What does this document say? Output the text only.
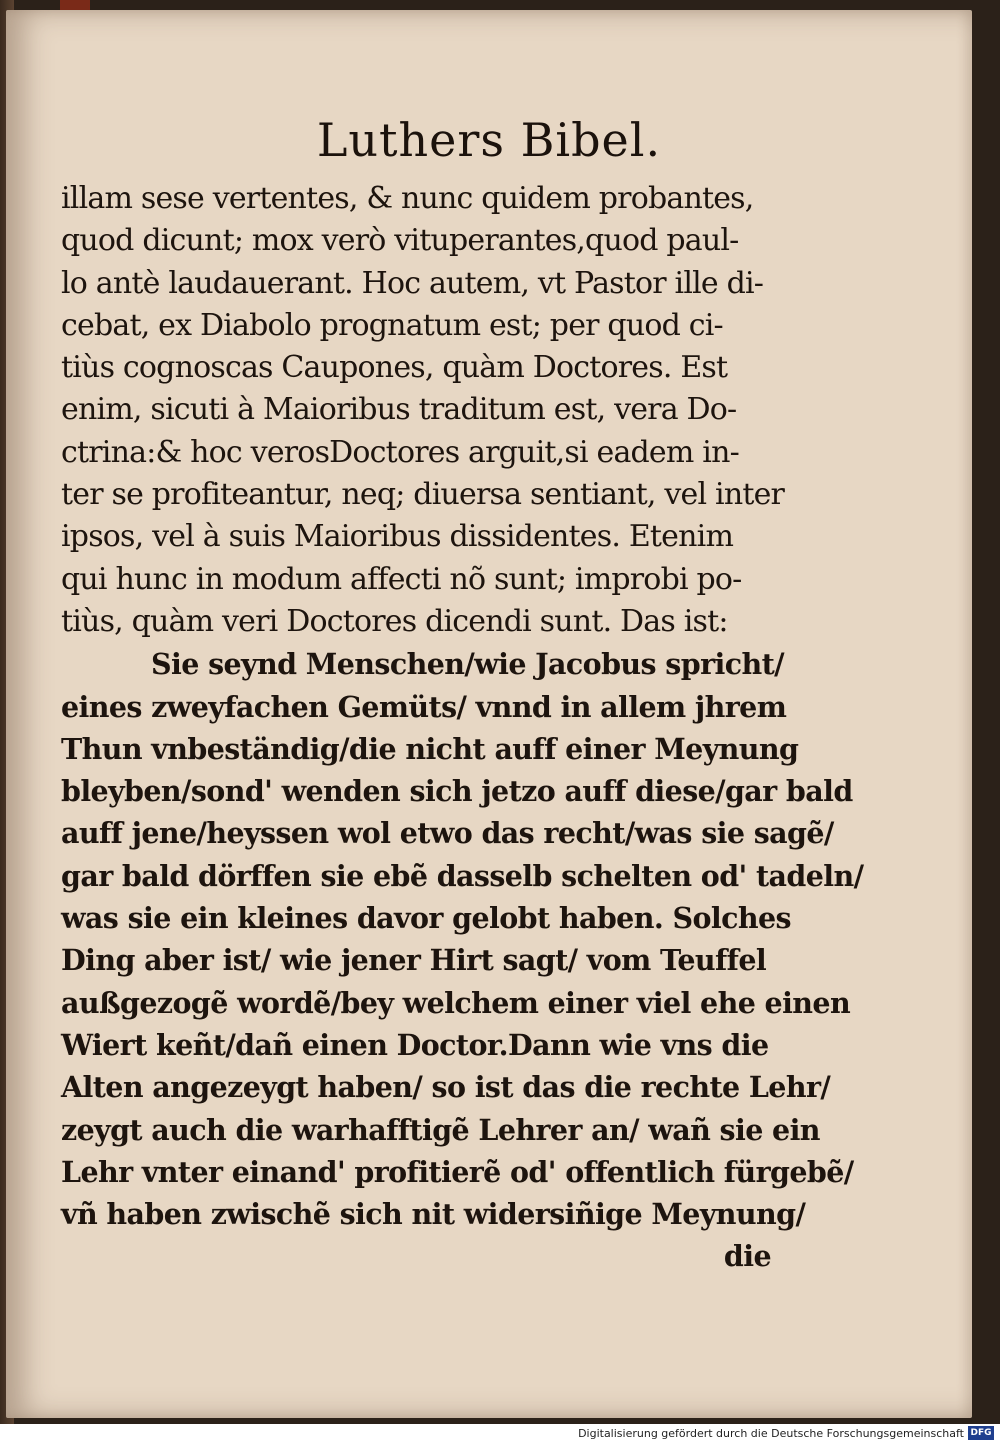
Luthers Bibel.
illam sese vertentes, & nunc quidem probantes,
quod dicunt; mox verò vituperantes,quod paul-
lo antè laudauerant. Hoc autem, vt Pastor ille di-
cebat, ex Diabolo prognatum est; per quod ci-
tiùs cognoscas Caupones, quàm Doctores. Est
enim, sicuti à Maioribus traditum est, vera Do-
ctrina:& hoc verosDoctores arguit,si eadem in-
ter se profiteantur, neq; diuersa sentiant, vel inter
ipsos, vel à suis Maioribus dissidentes. Etenim
qui hunc in modum affecti nõ sunt; improbi po-
tiùs, quàm veri Doctores dicendi sunt. Das ist:
Sie seynd Menschen/wie Jacobus spricht/
eines zweyfachen Gemüts/ vnnd in allem jhrem
Thun vnbeständig/die nicht auff einer Meynung
bleyben/sond' wenden sich jetzo auff diese/gar bald
auff jene/heyssen wol etwo das recht/was sie sagẽ/
gar bald dörffen sie ebẽ dasselb schelten od' tadeln/
was sie ein kleines davor gelobt haben. Solches
Ding aber ist/ wie jener Hirt sagt/ vom Teuffel
außgezogẽ wordẽ/bey welchem einer viel ehe einen
Wiert keñt/dañ einen Doctor.Dann wie vns die
Alten angezeygt haben/ so ist das die rechte Lehr/
zeygt auch die warhafftigẽ Lehrer an/ wañ sie ein
Lehr vnter einand' profitierẽ od' offentlich fürgebẽ/
vñ haben zwischẽ sich nit widersiñige Meynung/
die
Digitalisierung gefördert durch die Deutsche Forschungsgemeinschaft DFG
